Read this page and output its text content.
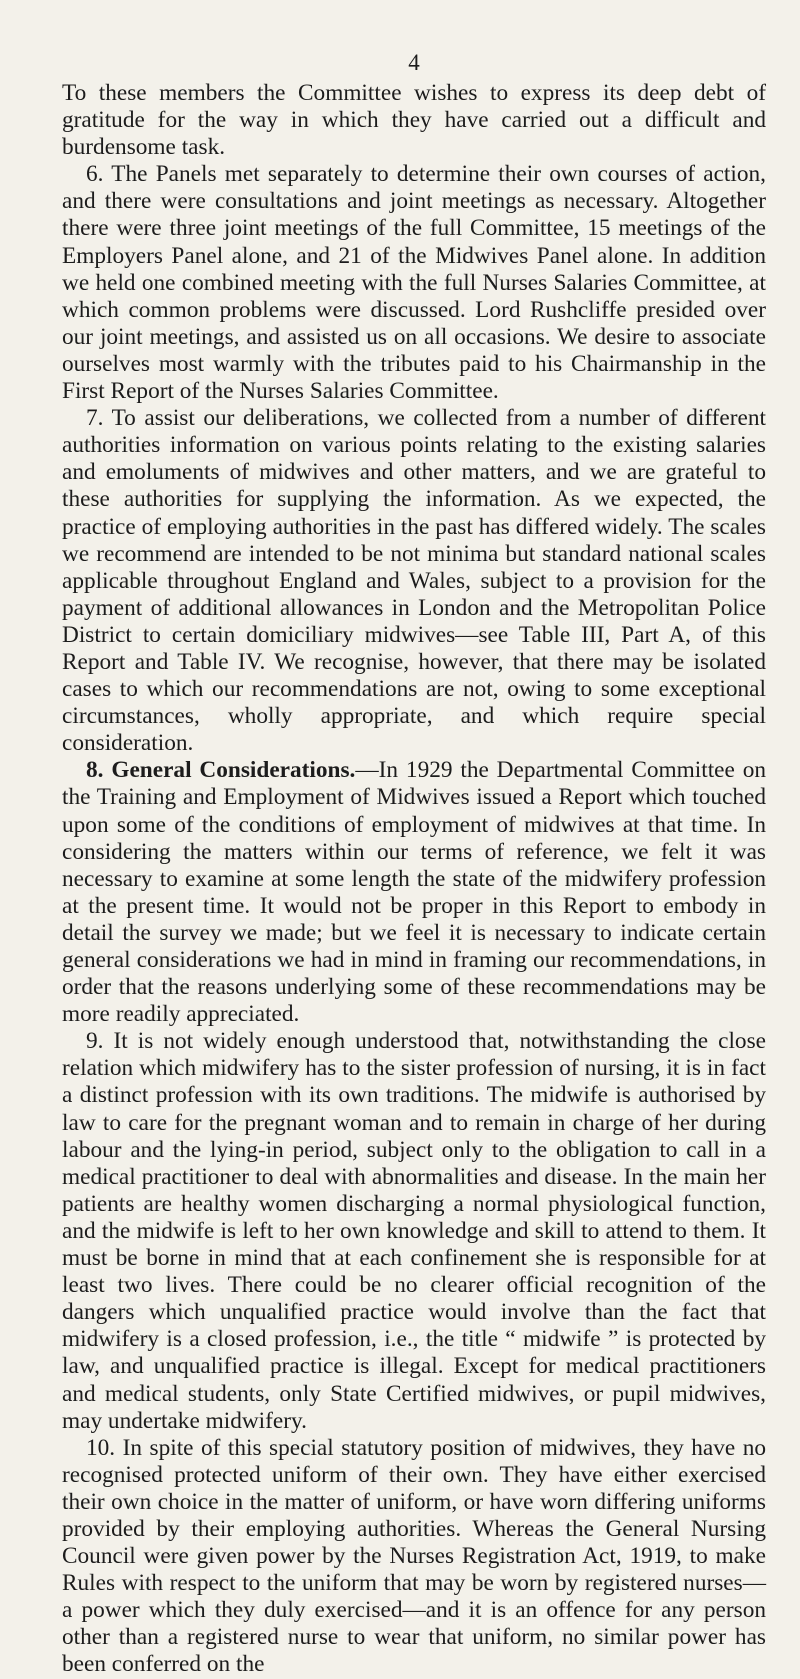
4

To these members the Committee wishes to express its deep debt of gratitude for the way in which they have carried out a difficult and burdensome task.

6. The Panels met separately to determine their own courses of action, and there were consultations and joint meetings as necessary. Altogether there were three joint meetings of the full Committee, 15 meetings of the Employers Panel alone, and 21 of the Midwives Panel alone. In addition we held one combined meeting with the full Nurses Salaries Committee, at which common problems were discussed. Lord Rushcliffe presided over our joint meetings, and assisted us on all occasions. We desire to associate ourselves most warmly with the tributes paid to his Chairmanship in the First Report of the Nurses Salaries Committee.

7. To assist our deliberations, we collected from a number of different authorities information on various points relating to the existing salaries and emoluments of midwives and other matters, and we are grateful to these authorities for supplying the information. As we expected, the practice of employing authorities in the past has differed widely. The scales we recommend are intended to be not minima but standard national scales applicable throughout England and Wales, subject to a provision for the payment of additional allowances in London and the Metropolitan Police District to certain domiciliary midwives—see Table III, Part A, of this Report and Table IV. We recognise, however, that there may be isolated cases to which our recommendations are not, owing to some exceptional circumstances, wholly appropriate, and which require special consideration.

8. General Considerations.—In 1929 the Departmental Committee on the Training and Employment of Midwives issued a Report which touched upon some of the conditions of employment of midwives at that time. In considering the matters within our terms of reference, we felt it was necessary to examine at some length the state of the midwifery profession at the present time. It would not be proper in this Report to embody in detail the survey we made; but we feel it is necessary to indicate certain general considerations we had in mind in framing our recommendations, in order that the reasons underlying some of these recommendations may be more readily appreciated.

9. It is not widely enough understood that, notwithstanding the close relation which midwifery has to the sister profession of nursing, it is in fact a distinct profession with its own traditions. The midwife is authorised by law to care for the pregnant woman and to remain in charge of her during labour and the lying-in period, subject only to the obligation to call in a medical practitioner to deal with abnormalities and disease. In the main her patients are healthy women discharging a normal physiological function, and the midwife is left to her own knowledge and skill to attend to them. It must be borne in mind that at each confinement she is responsible for at least two lives. There could be no clearer official recognition of the dangers which unqualified practice would involve than the fact that midwifery is a closed profession, i.e., the title “ midwife ” is protected by law, and unqualified practice is illegal. Except for medical practitioners and medical students, only State Certified midwives, or pupil midwives, may undertake midwifery.

10. In spite of this special statutory position of midwives, they have no recognised protected uniform of their own. They have either exercised their own choice in the matter of uniform, or have worn differing uniforms provided by their employing authorities. Whereas the General Nursing Council were given power by the Nurses Registration Act, 1919, to make Rules with respect to the uniform that may be worn by registered nurses—a power which they duly exercised—and it is an offence for any person other than a registered nurse to wear that uniform, no similar power has been conferred on the
